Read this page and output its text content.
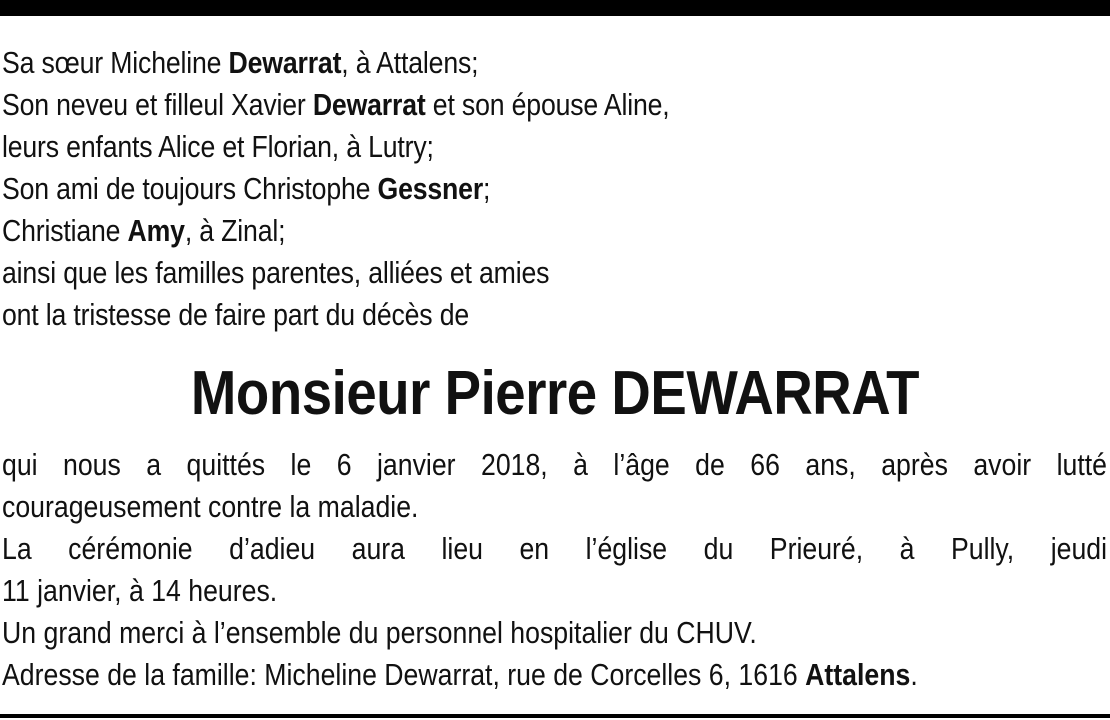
Sa sœur Micheline Dewarrat, à Attalens;
Son neveu et filleul Xavier Dewarrat et son épouse Aline,
leurs enfants Alice et Florian, à Lutry;
Son ami de toujours Christophe Gessner;
Christiane Amy, à Zinal;
ainsi que les familles parentes, alliées et amies
ont la tristesse de faire part du décès de
Monsieur Pierre DEWARRAT
qui nous a quittés le 6 janvier 2018, à l’âge de 66 ans, après avoir lutté
courageusement contre la maladie.
La cérémonie d’adieu aura lieu en l’église du Prieuré, à Pully, jeudi
11 janvier, à 14 heures.
Un grand merci à l’ensemble du personnel hospitalier du CHUV.
Adresse de la famille: Micheline Dewarrat, rue de Corcelles 6, 1616 Attalens.
